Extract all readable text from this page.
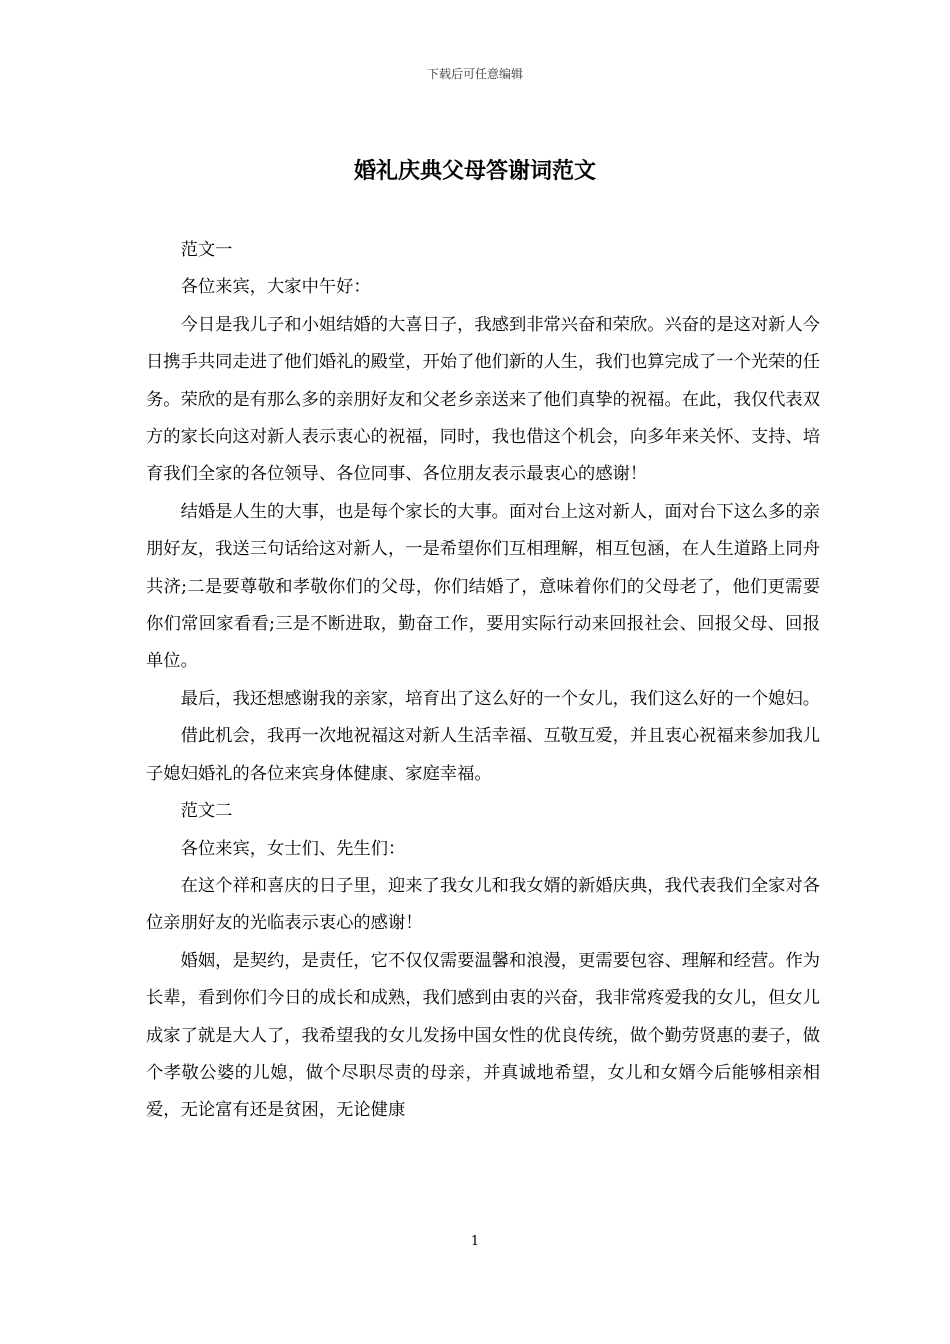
下载后可任意编辑
婚礼庆典父母答谢词范文

范文一

各位来宾，大家中午好：

今日是我儿子和小姐结婚的大喜日子，我感到非常兴奋和荣欣。兴奋的是这对新人今日携手共同走进了他们婚礼的殿堂，开始了他们新的人生，我们也算完成了一个光荣的任务。荣欣的是有那么多的亲朋好友和父老乡亲送来了他们真挚的祝福。在此，我仅代表双方的家长向这对新人表示衷心的祝福，同时，我也借这个机会，向多年来关怀、支持、培育我们全家的各位领导、各位同事、各位朋友表示最衷心的感谢！

结婚是人生的大事，也是每个家长的大事。面对台上这对新人，面对台下这么多的亲朋好友，我送三句话给这对新人，一是希望你们互相理解，相互包涵，在人生道路上同舟共济;二是要尊敬和孝敬你们的父母，你们结婚了，意味着你们的父母老了，他们更需要你们常回家看看;三是不断进取，勤奋工作，要用实际行动来回报社会、回报父母、回报单位。

最后，我还想感谢我的亲家，培育出了这么好的一个女儿，我们这么好的一个媳妇。

借此机会，我再一次地祝福这对新人生活幸福、互敬互爱，并且衷心祝福来参加我儿子媳妇婚礼的各位来宾身体健康、家庭幸福。

范文二

各位来宾，女士们、先生们：

在这个祥和喜庆的日子里，迎来了我女儿和我女婿的新婚庆典，我代表我们全家对各位亲朋好友的光临表示衷心的感谢！

婚姻，是契约，是责任，它不仅仅需要温馨和浪漫，更需要包容、理解和经营。作为长辈，看到你们今日的成长和成熟，我们感到由衷的兴奋，我非常疼爱我的女儿，但女儿成家了就是大人了，我希望我的女儿发扬中国女性的优良传统，做个勤劳贤惠的妻子，做个孝敬公婆的儿媳，做个尽职尽责的母亲，并真诚地希望，女儿和女婿今后能够相亲相爱，无论富有还是贫困，无论健康

1
